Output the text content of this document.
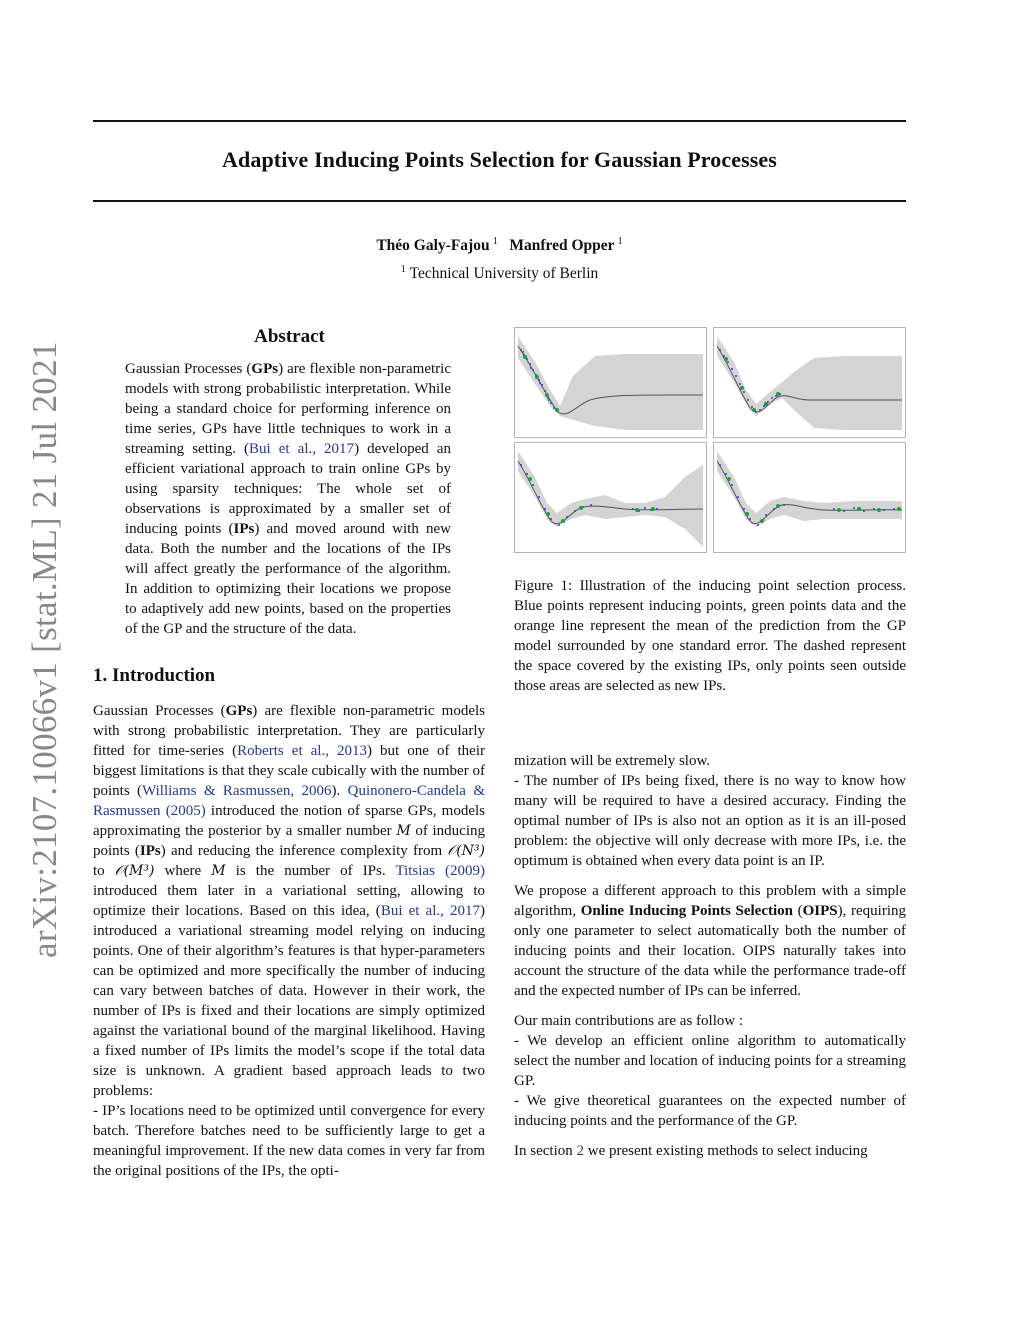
arXiv:2107.10066v1 [stat.ML] 21 Jul 2021
Adaptive Inducing Points Selection for Gaussian Processes
Théo Galy-Fajou  $^1$ Manfred Opper  $^1$
$^1$ Technical University of Berlin
Abstract
Gaussian Processes (GPs) are flexible non-parametric models with strong probabilistic interpretation. While being a standard choice for performing inference on time series, GPs have little techniques to work in a streaming setting. (Bui et al., 2017) developed an efficient variational approach to train online GPs by using sparsity techniques: The whole set of observations is approximated by a smaller set of inducing points (IPs) and moved around with new data. Both the number and the locations of the IPs will affect greatly the performance of the algorithm. In addition to optimizing their locations we propose to adaptively add new points, based on the properties of the GP and the structure of the data.
1. Introduction

Gaussian Processes (GPs) are flexible non-parametric models with strong probabilistic interpretation. They are particularly fitted for time-series (Roberts et al., 2013) but one of their biggest limitations is that they scale cubically with the number of points (Williams & Rasmussen, 2006). Quinonero-Candela & Rasmussen (2005) introduced the notion of sparse GPs, models approximating the posterior by a smaller number M of inducing points (IPs) and reducing the inference complexity from 𝒪(N³) to 𝒪(M³) where M is the number of IPs. Titsias (2009) introduced them later in a variational setting, allowing to optimize their locations. Based on this idea, (Bui et al., 2017) introduced a variational streaming model relying on inducing points. One of their algorithm’s features is that hyper-parameters can be optimized and more specifically the number of inducing can vary between batches of data. However in their work, the number of IPs is fixed and their locations are simply optimized against the variational bound of the marginal likelihood. Having a fixed number of IPs limits the model’s scope if the total data size is unknown. A gradient based approach leads to two problems:

- IP’s locations need to be optimized until convergence for every batch. Therefore batches need to be sufficiently large to get a meaningful improvement. If the new data comes in very far from the original positions of the IPs, the opti-

Figure 1: Illustration of the inducing point selection process. Blue points represent inducing points, green points data and the orange line represent the mean of the prediction from the GP model surrounded by one standard error. The dashed represent the space covered by the existing IPs, only points seen outside those areas are selected as new IPs.

mization will be extremely slow.

- The number of IPs being fixed, there is no way to know how many will be required to have a desired accuracy. Finding the optimal number of IPs is also not an option as it is an ill-posed problem: the objective will only decrease with more IPs, i.e. the optimum is obtained when every data point is an IP.

We propose a different approach to this problem with a simple algorithm, Online Inducing Points Selection (OIPS), requiring only one parameter to select automatically both the number of inducing points and their location. OIPS naturally takes into account the structure of the data while the performance trade-off and the expected number of IPs can be inferred.

Our main contributions are as follow :
- We develop an efficient online algorithm to automatically select the number and location of inducing points for a streaming GP.
- We give theoretical guarantees on the expected number of inducing points and the performance of the GP.

In section 2 we present existing methods to select inducing
